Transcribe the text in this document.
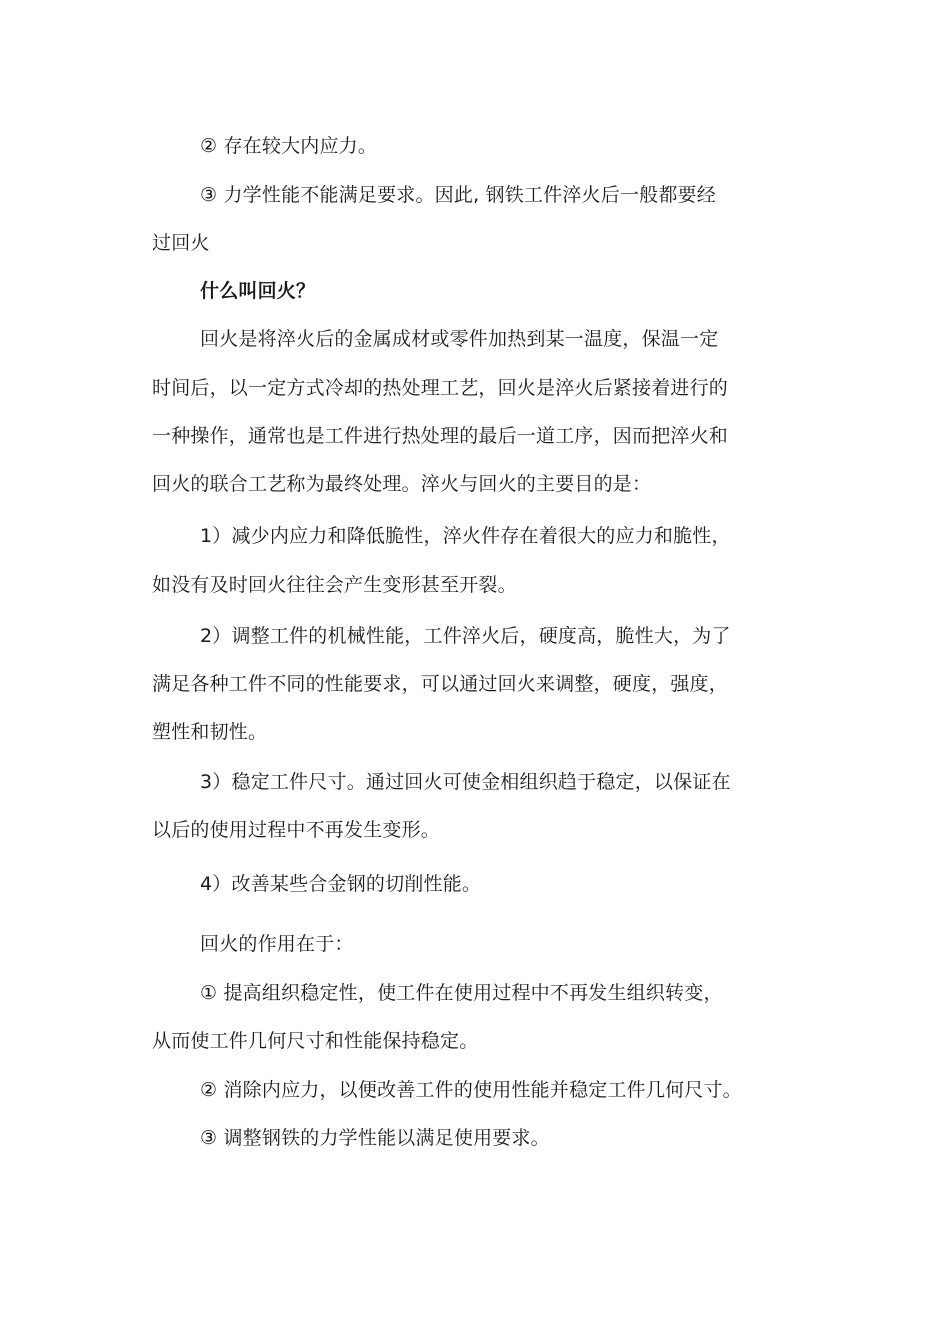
② 存在较大内应力。
③ 力学性能不能满足要求。因此, 钢铁工件淬火后一般都要经
过回火
什么叫回火？
回火是将淬火后的金属成材或零件加热到某一温度，保温一定
时间后，以一定方式冷却的热处理工艺，回火是淬火后紧接着进行的
一种操作，通常也是工件进行热处理的最后一道工序，因而把淬火和
回火的联合工艺称为最终处理。淬火与回火的主要目的是：
1）减少内应力和降低脆性，淬火件存在着很大的应力和脆性，
如没有及时回火往往会产生变形甚至开裂。
2）调整工件的机械性能，工件淬火后，硬度高，脆性大，为了
满足各种工件不同的性能要求，可以通过回火来调整，硬度，强度，
塑性和韧性。
3）稳定工件尺寸。通过回火可使金相组织趋于稳定，以保证在
以后的使用过程中不再发生变形。
4）改善某些合金钢的切削性能。
回火的作用在于：
① 提高组织稳定性，使工件在使用过程中不再发生组织转变，
从而使工件几何尺寸和性能保持稳定。
② 消除内应力，以便改善工件的使用性能并稳定工件几何尺寸。
③ 调整钢铁的力学性能以满足使用要求。
